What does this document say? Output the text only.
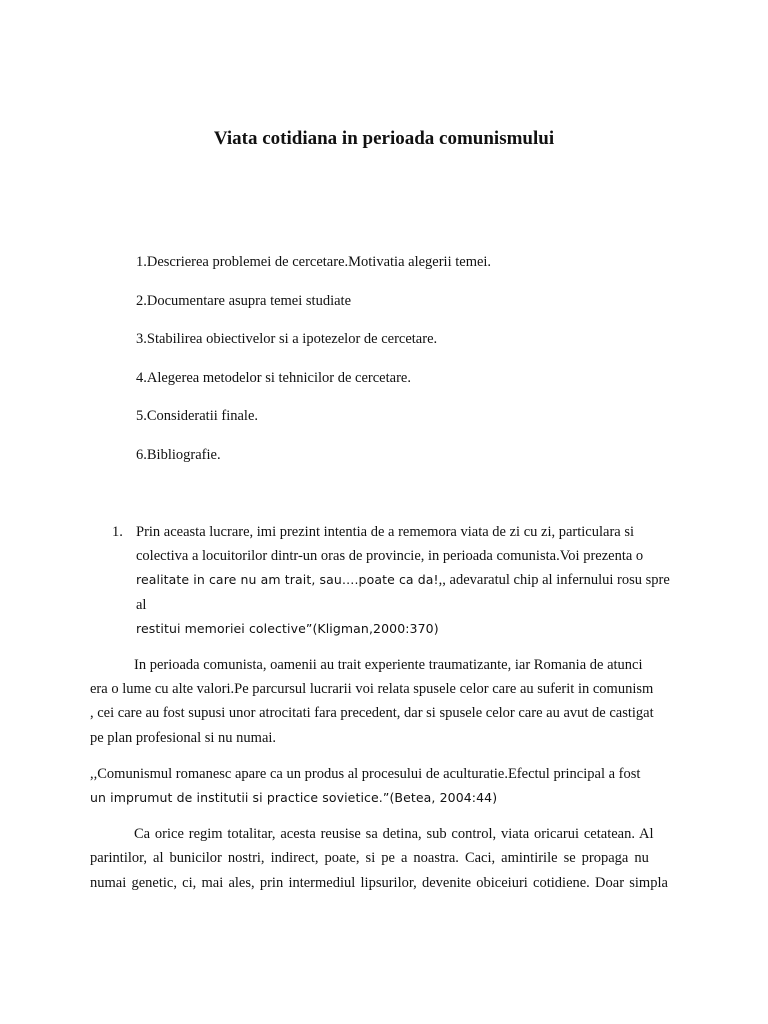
Viata cotidiana in perioada comunismului
1.Descrierea problemei de cercetare.Motivatia alegerii temei.
2.Documentare asupra temei studiate
3.Stabilirea obiectivelor si a ipotezelor de cercetare.
4.Alegerea metodelor si tehnicilor de cercetare.
5.Consideratii finale.
6.Bibliografie.
1. Prin aceasta lucrare, imi prezint intentia de a rememora viata de zi cu zi, particulara si
colectiva a locuitorilor dintr-un oras de provincie, in perioada comunista.Voi prezenta o
realitate in care nu am trait, sau….poate ca da!,, adevaratul chip al infernului rosu spre al
restitui memoriei colective”(Kligman,2000:370)
In perioada comunista, oamenii au trait experiente traumatizante, iar Romania de atunci
era o lume cu alte valori.Pe parcursul lucrarii voi relata spusele celor care au suferit in comunism
, cei care au fost supusi unor atrocitati fara precedent, dar si spusele celor care au avut de castigat
pe plan profesional si nu numai.
,,Comunismul romanesc apare ca un produs al procesului de aculturatie.Efectul principal a fost
un imprumut de institutii si practice sovietice.”(Betea, 2004:44)
Ca orice regim totalitar, acesta reusise sa detina, sub control, viata oricarui cetatean. Al
parintilor, al bunicilor nostri, indirect, poate, si pe a noastra. Caci, amintirile se propaga nu
numai genetic, ci, mai ales, prin intermediul lipsurilor, devenite obiceiuri cotidiene. Doar simpla
